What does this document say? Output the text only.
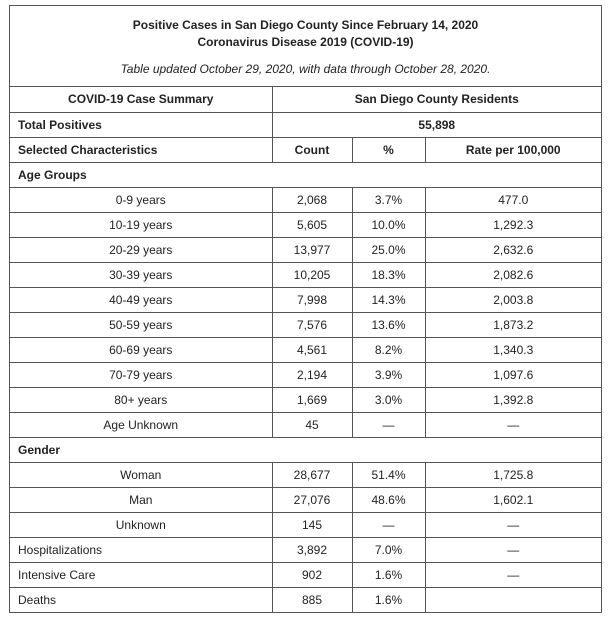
Positive Cases in San Diego County Since February 14, 2020
Coronavirus Disease 2019 (COVID-19)
Table updated October 29, 2020, with data through October 28, 2020.
COVID-19 Case Summary	San Diego County Residents		
Total Positives	55,898		
Selected Characteristics	Count	%	Rate per 100,000
Age Groups			
0-9 years	2,068	3.7%	477.0
10-19 years	5,605	10.0%	1,292.3
20-29 years	13,977	25.0%	2,632.6
30-39 years	10,205	18.3%	2,082.6
40-49 years	7,998	14.3%	2,003.8
50-59 years	7,576	13.6%	1,873.2
60-69 years	4,561	8.2%	1,340.3
70-79 years	2,194	3.9%	1,097.6
80+ years	1,669	3.0%	1,392.8
Age Unknown	45	—	—
Gender			
Woman	28,677	51.4%	1,725.8
Man	27,076	48.6%	1,602.1
Unknown	145	—	—
Hospitalizations	3,892	7.0%	—
Intensive Care	902	1.6%	—
Deaths	885	1.6%	
